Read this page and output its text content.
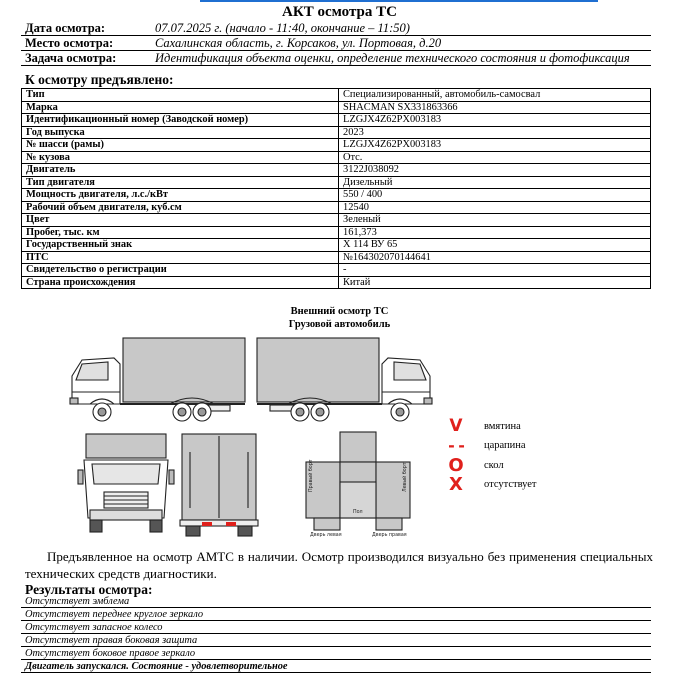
АКТ осмотра ТС
Дата осмотра:	07.07.2025 г. (начало - 11:40, окончание – 11:50)
Место осмотра:	Сахалинская область, г. Корсаков, ул. Портовая, д.20
Задача осмотра:	Идентификация объекта оценки, определение технического состояния и фотофиксация
К осмотру предъявлено:
Тип	Специализированный, автомобиль-самосвал
Марка	SHACMAN SX331863366
Идентификационный номер (Заводской номер)	LZGJX4Z62PX003183
Год выпуска	2023
№ шасси (рамы)	LZGJX4Z62PX003183
№ кузова	Отс.
Двигатель	3122J038092
Тип двигателя	Дизельный
Мощность двигателя, л.с./кВт	550 / 400
Рабочий объем двигателя, куб.см	12540
Цвет	Зеленый
Пробег, тыс. км	161,373
Государственный знак	Х 114 ВУ 65
ПТС	№164302070144641
Свидетельство о регистрации	-
Страна происхождения	Китай
Внешний осмотр ТС
Грузовой автомобиль
Правый борт	Левый борт
Пол
Дверь левая	Дверь правая
V вмятина
- - царапина
O скол
X отсутствует
Предъявленное на осмотр АМТС в наличии. Осмотр производился визуально без применения специальных технических средств диагностики.
Результаты осмотра:
Отсутствует эмблема
Отсутствует переднее круглое зеркало
Отсутствует запасное колесо
Отсутствует правая боковая защита
Отсутствует боковое правое зеркало
Двигатель запускался. Состояние - удовлетворительное
